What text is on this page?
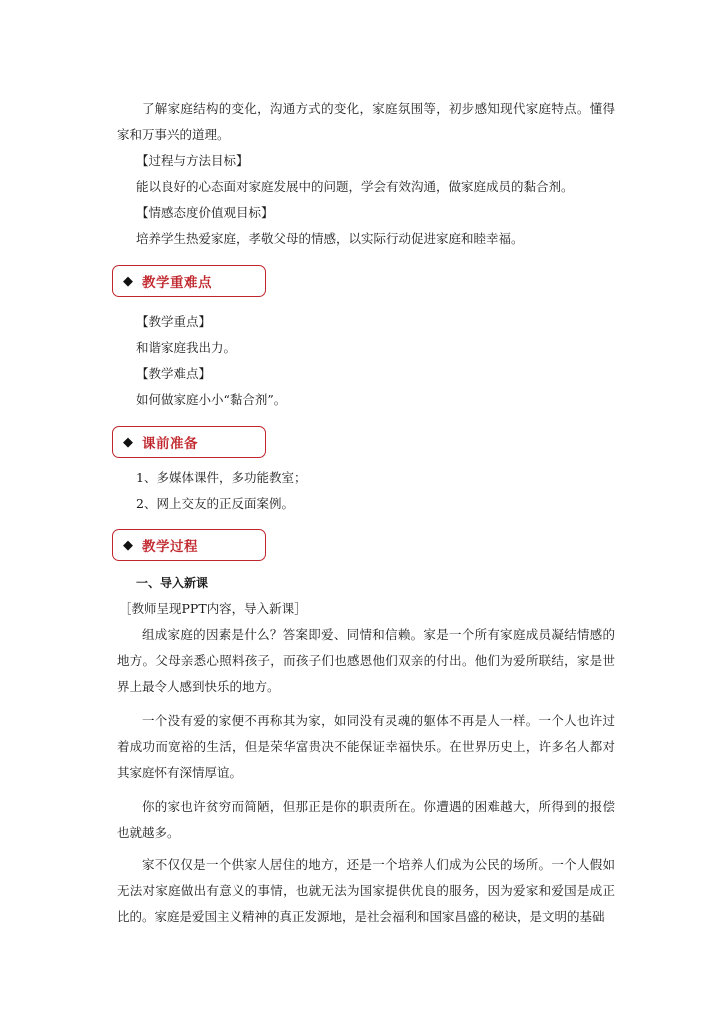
了解家庭结构的变化，沟通方式的变化，家庭氛围等，初步感知现代家庭特点。懂得家和万事兴的道理。

【过程与方法目标】

能以良好的心态面对家庭发展中的问题，学会有效沟通，做家庭成员的黏合剂。

【情感态度价值观目标】

培养学生热爱家庭，孝敬父母的情感，以实际行动促进家庭和睦幸福。

◆ 教学重难点

【教学重点】

和谐家庭我出力。

【教学难点】

如何做家庭小小“黏合剂”。

◆ 课前准备

1、多媒体课件，多功能教室；

2、网上交友的正反面案例。

◆ 教学过程

一、导入新课

［教师呈现PPT内容，导入新课］

组成家庭的因素是什么？答案即爱、同情和信赖。家是一个所有家庭成员凝结情感的地方。父母亲悉心照料孩子，而孩子们也感恩他们双亲的付出。他们为爱所联结，家是世界上最令人感到快乐的地方。

一个没有爱的家便不再称其为家，如同没有灵魂的躯体不再是人一样。一个人也许过着成功而宽裕的生活，但是荣华富贵决不能保证幸福快乐。在世界历史上，许多名人都对其家庭怀有深情厚谊。

你的家也许贫穷而简陋，但那正是你的职责所在。你遭遇的困难越大，所得到的报偿也就越多。

家不仅仅是一个供家人居住的地方，还是一个培养人们成为公民的场所。一个人假如无法对家庭做出有意义的事情，也就无法为国家提供优良的服务，因为爱家和爱国是成正比的。家庭是爱国主义精神的真正发源地，是社会福利和国家昌盛的秘诀，是文明的基础
